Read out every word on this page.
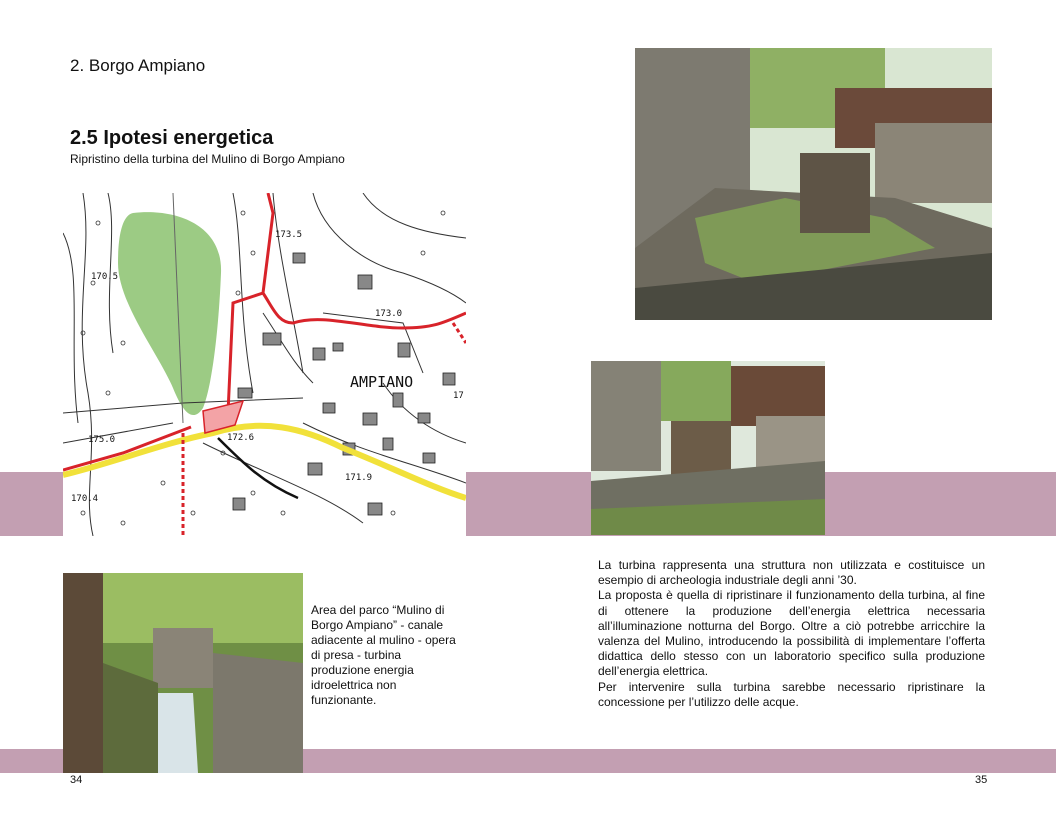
2. Borgo Ampiano
2.5 Ipotesi energetica
Ripristino della turbina del Mulino di Borgo Ampiano
AMPIANO
173.5
170.5
173.0
175.0	172.6
171.9
170.4
17
Area del parco “Mulino di Borgo Ampiano” - canale adiacente al mulino - opera di presa - turbina produzione energia idroelettrica non funzionante.

La turbina rappresenta una struttura non utilizzata e costituisce un esempio di archeologia industriale degli anni ’30.

La proposta è quella di ripristinare il funzionamento della turbina, al fine di ottenere la produzione dell’energia elettrica necessaria all’illuminazione notturna del Borgo. Oltre a ciò potrebbe arricchire la valenza del Mulino, introducendo la possibilità di implementare l’offerta didattica dello stesso con un laboratorio specifico sulla produzione dell’energia elettrica.

Per intervenire sulla turbina sarebbe necessario ripristinare la concessione per l’utilizzo delle acque.

34	35
